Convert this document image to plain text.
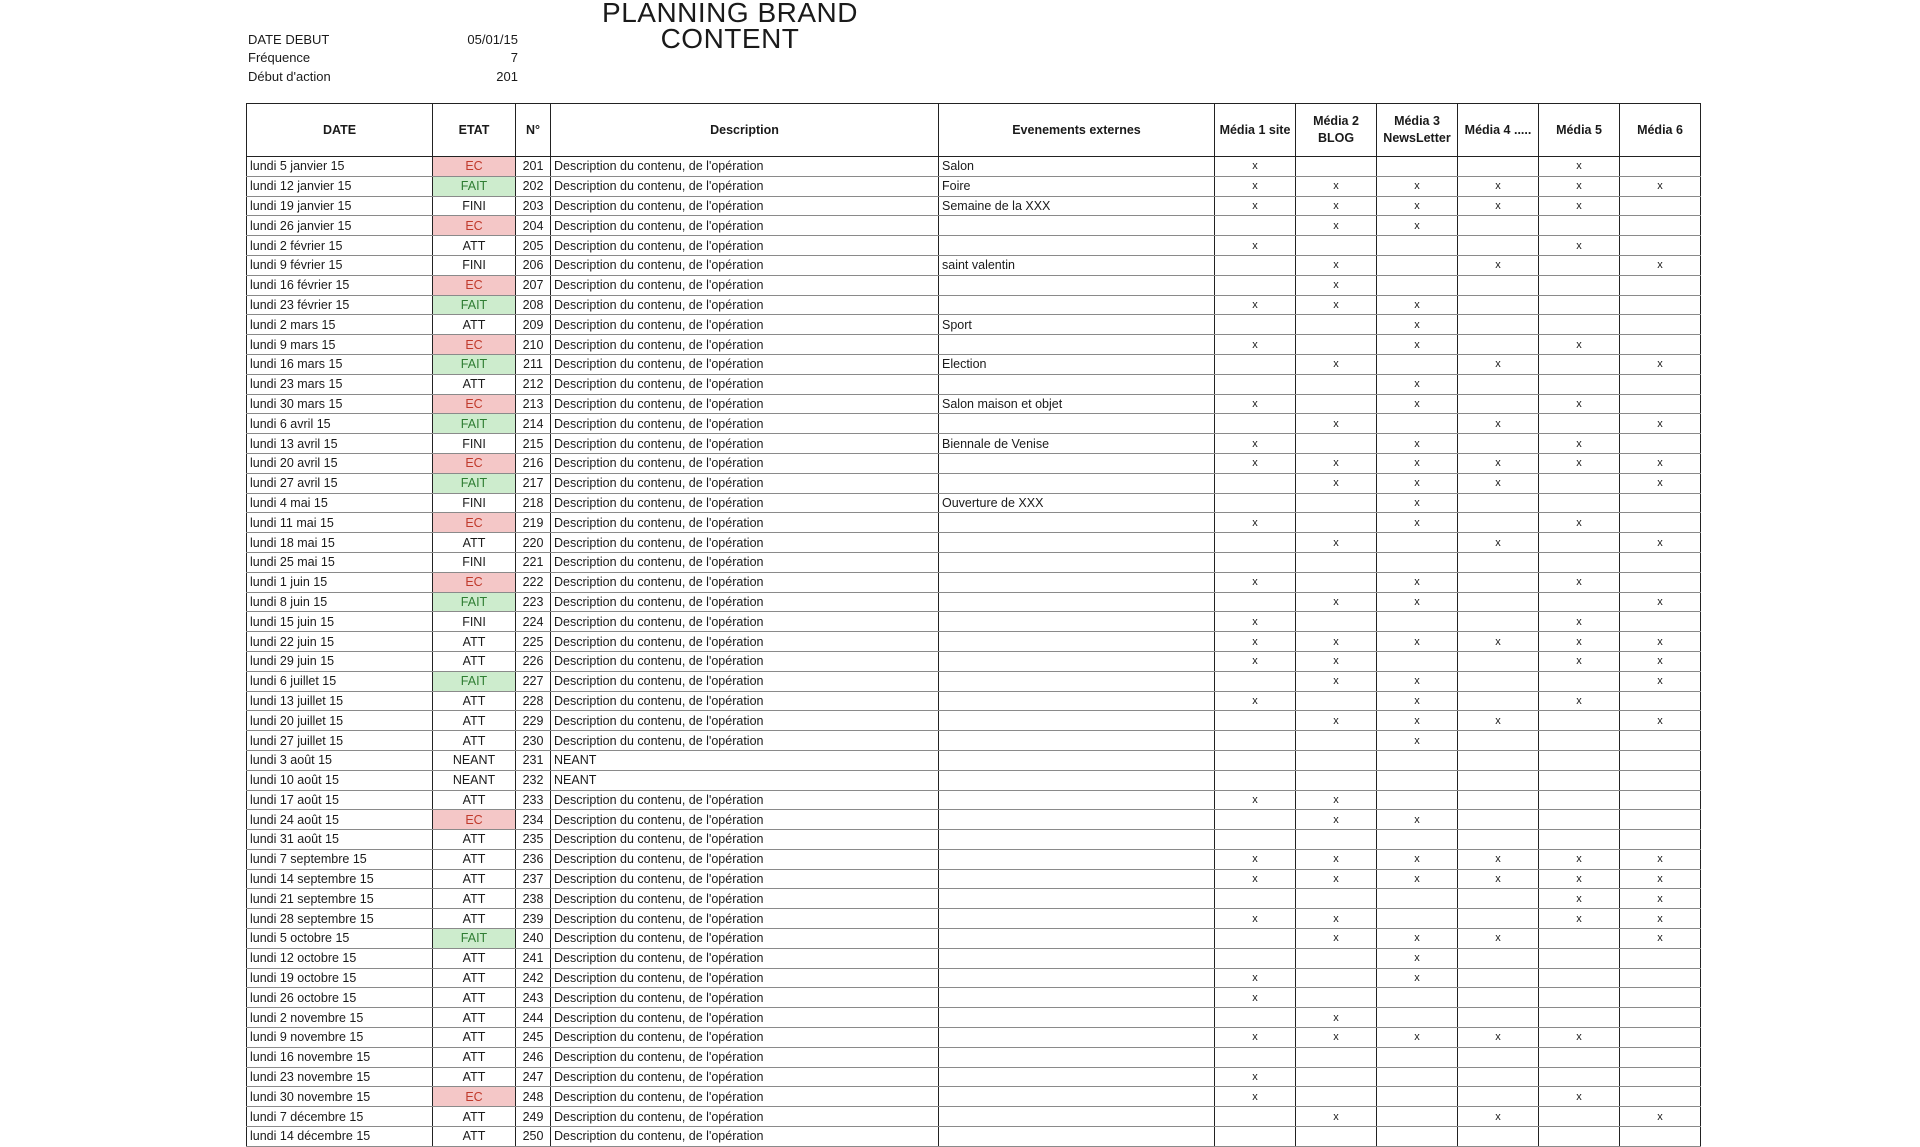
PLANNING BRAND CONTENT
DATE DEBUT	05/01/15
Fréquence	7
Début d'action	201
DATE	ETAT	N°	Description	Evenements externes	Média 1 site	Média 2 BLOG	Média 3 NewsLetter	Média 4 .....	Média 5	Média 6
lundi 5 janvier 15	EC	201	Description du contenu, de l'opération	Salon	x				x	
lundi 12 janvier 15	FAIT	202	Description du contenu, de l'opération	Foire	x	x	x	x	x	x
lundi 19 janvier 15	FINI	203	Description du contenu, de l'opération	Semaine de la XXX	x	x	x	x	x	
lundi 26 janvier 15	EC	204	Description du contenu, de l'opération			x	x			
lundi 2 février 15	ATT	205	Description du contenu, de l'opération		x				x	
lundi 9 février 15	FINI	206	Description du contenu, de l'opération	saint valentin		x		x		x
lundi 16 février 15	EC	207	Description du contenu, de l'opération			x				
lundi 23 février 15	FAIT	208	Description du contenu, de l'opération		x	x	x			
lundi 2 mars 15	ATT	209	Description du contenu, de l'opération	Sport			x			
lundi 9 mars 15	EC	210	Description du contenu, de l'opération		x		x		x	
lundi 16 mars 15	FAIT	211	Description du contenu, de l'opération	Election		x		x		x
lundi 23 mars 15	ATT	212	Description du contenu, de l'opération				x			
lundi 30 mars 15	EC	213	Description du contenu, de l'opération	Salon maison et objet	x		x		x	
lundi 6 avril 15	FAIT	214	Description du contenu, de l'opération			x		x		x
lundi 13 avril 15	FINI	215	Description du contenu, de l'opération	Biennale de Venise	x		x		x	
lundi 20 avril 15	EC	216	Description du contenu, de l'opération		x	x	x	x	x	x
lundi 27 avril 15	FAIT	217	Description du contenu, de l'opération			x	x	x		x
lundi 4 mai 15	FINI	218	Description du contenu, de l'opération	Ouverture de XXX			x			
lundi 11 mai 15	EC	219	Description du contenu, de l'opération		x		x		x	
lundi 18 mai 15	ATT	220	Description du contenu, de l'opération			x		x		x
lundi 25 mai 15	FINI	221	Description du contenu, de l'opération							
lundi 1 juin 15	EC	222	Description du contenu, de l'opération		x		x		x	
lundi 8 juin 15	FAIT	223	Description du contenu, de l'opération			x	x			x
lundi 15 juin 15	FINI	224	Description du contenu, de l'opération		x				x	
lundi 22 juin 15	ATT	225	Description du contenu, de l'opération		x	x	x	x	x	x
lundi 29 juin 15	ATT	226	Description du contenu, de l'opération		x	x			x	x
lundi 6 juillet 15	FAIT	227	Description du contenu, de l'opération			x	x			x
lundi 13 juillet 15	ATT	228	Description du contenu, de l'opération		x		x		x	
lundi 20 juillet 15	ATT	229	Description du contenu, de l'opération			x	x	x		x
lundi 27 juillet 15	ATT	230	Description du contenu, de l'opération				x			
lundi 3 août 15	NEANT	231	NEANT							
lundi 10 août 15	NEANT	232	NEANT							
lundi 17 août 15	ATT	233	Description du contenu, de l'opération		x	x				
lundi 24 août 15	EC	234	Description du contenu, de l'opération			x	x			
lundi 31 août 15	ATT	235	Description du contenu, de l'opération							
lundi 7 septembre 15	ATT	236	Description du contenu, de l'opération		x	x	x	x	x	x
lundi 14 septembre 15	ATT	237	Description du contenu, de l'opération		x	x	x	x	x	x
lundi 21 septembre 15	ATT	238	Description du contenu, de l'opération						x	x
lundi 28 septembre 15	ATT	239	Description du contenu, de l'opération		x	x			x	x
lundi 5 octobre 15	FAIT	240	Description du contenu, de l'opération			x	x	x		x
lundi 12 octobre 15	ATT	241	Description du contenu, de l'opération				x			
lundi 19 octobre 15	ATT	242	Description du contenu, de l'opération		x		x			
lundi 26 octobre 15	ATT	243	Description du contenu, de l'opération		x					
lundi 2 novembre 15	ATT	244	Description du contenu, de l'opération			x				
lundi 9 novembre 15	ATT	245	Description du contenu, de l'opération		x	x	x	x	x	
lundi 16 novembre 15	ATT	246	Description du contenu, de l'opération							
lundi 23 novembre 15	ATT	247	Description du contenu, de l'opération		x					
lundi 30 novembre 15	EC	248	Description du contenu, de l'opération		x				x	
lundi 7 décembre 15	ATT	249	Description du contenu, de l'opération			x		x		x
lundi 14 décembre 15	ATT	250	Description du contenu, de l'opération							
